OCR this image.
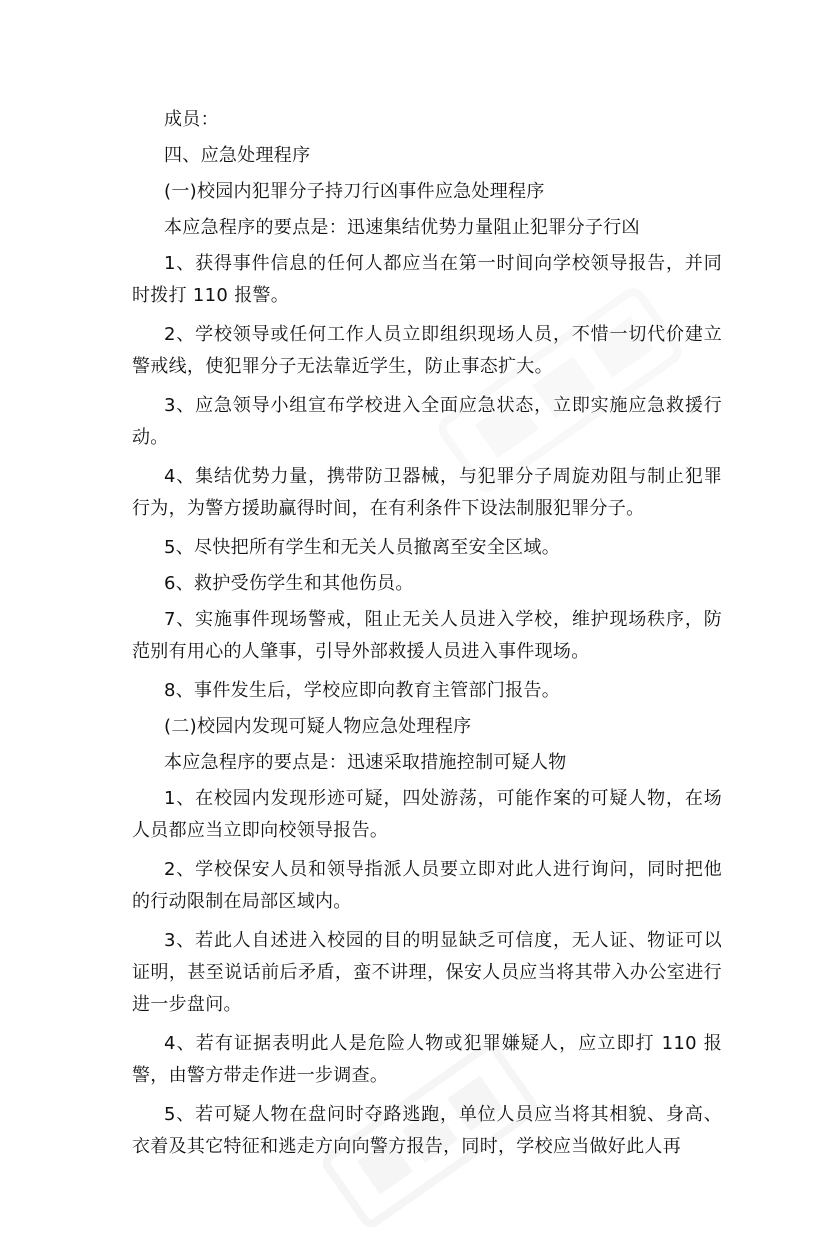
成员：

四、应急处理程序

(一)校园内犯罪分子持刀行凶事件应急处理程序

本应急程序的要点是：迅速集结优势力量阻止犯罪分子行凶

1、获得事件信息的任何人都应当在第一时间向学校领导报告，并同时拨打 110 报警。

2、学校领导或任何工作人员立即组织现场人员，不惜一切代价建立警戒线，使犯罪分子无法靠近学生，防止事态扩大。

3、应急领导小组宣布学校进入全面应急状态，立即实施应急救援行动。

4、集结优势力量，携带防卫器械，与犯罪分子周旋劝阻与制止犯罪行为，为警方援助赢得时间，在有利条件下设法制服犯罪分子。

5、尽快把所有学生和无关人员撤离至安全区域。

6、救护受伤学生和其他伤员。

7、实施事件现场警戒，阻止无关人员进入学校，维护现场秩序，防范别有用心的人肇事，引导外部救援人员进入事件现场。

8、事件发生后，学校应即向教育主管部门报告。

(二)校园内发现可疑人物应急处理程序

本应急程序的要点是：迅速采取措施控制可疑人物

1、在校园内发现形迹可疑，四处游荡，可能作案的可疑人物，在场人员都应当立即向校领导报告。

2、学校保安人员和领导指派人员要立即对此人进行询问，同时把他的行动限制在局部区域内。

3、若此人自述进入校园的目的明显缺乏可信度，无人证、物证可以证明，甚至说话前后矛盾，蛮不讲理，保安人员应当将其带入办公室进行进一步盘问。

4、若有证据表明此人是危险人物或犯罪嫌疑人，应立即打 110 报警，由警方带走作进一步调查。

5、若可疑人物在盘问时夺路逃跑，单位人员应当将其相貌、身高、衣着及其它特征和逃走方向向警方报告，同时，学校应当做好此人再
